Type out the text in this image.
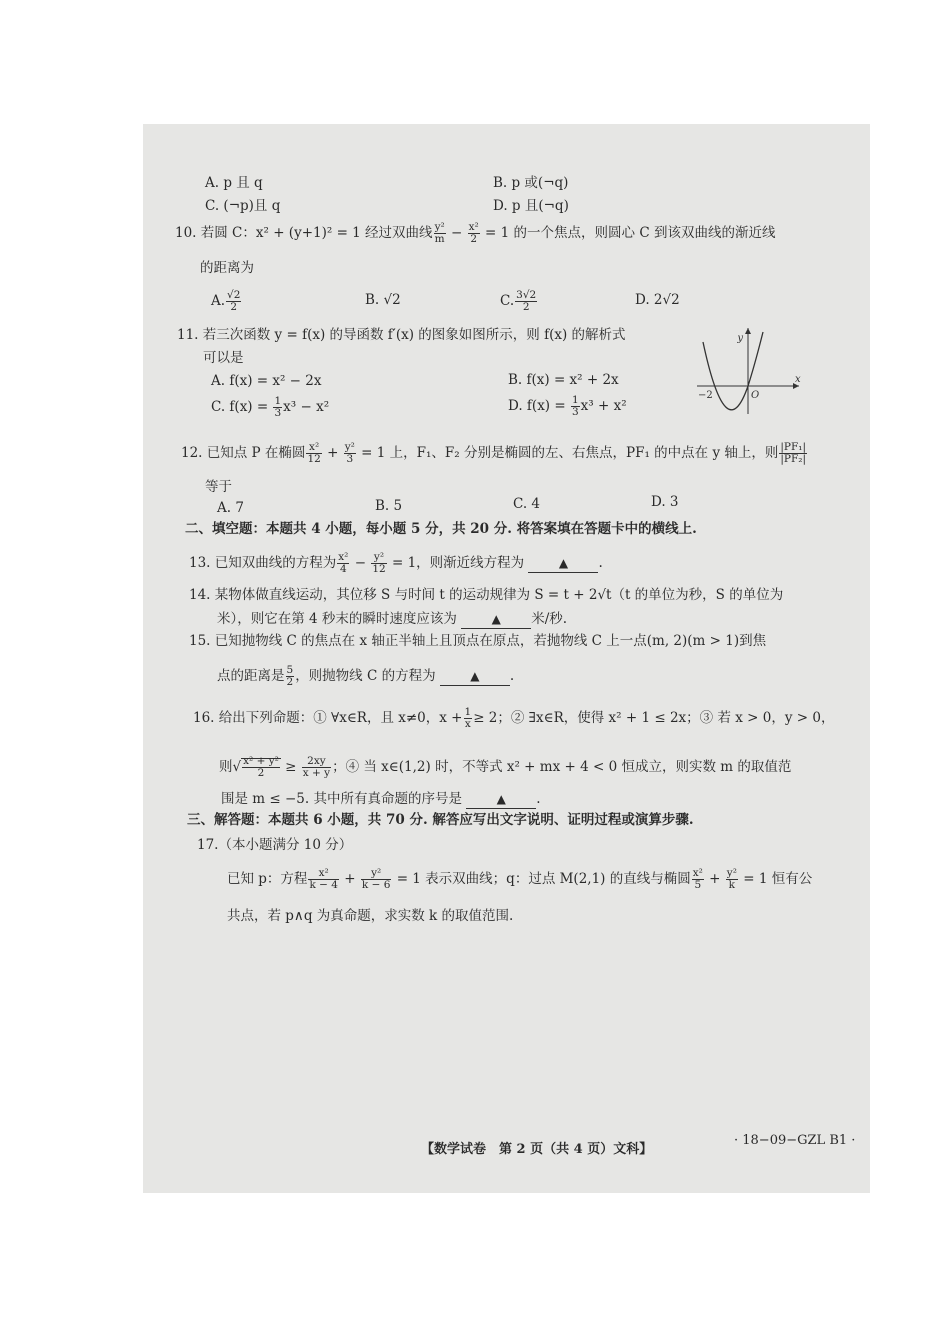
A. p 且 q	B. p 或(¬q)
C. (¬p)且 q	D. p 且(¬q)
10. 若圆 C：x² + (y+1)² = 1 经过双曲线 $\frac{\text{y²}}{m} - \frac{\text{x²}}{2} = 1$ 的一个焦点，则圆心 C 到该双曲线的渐近线
的距离为
A. $\frac{√2}{2}$	B. √2	C. $\frac{3√2}{2}$	D. 2√2
11. 若三次函数 y = f(x) 的导函数 f′(x) 的图象如图所示，则 f(x) 的解析式
可以是
A. f(x) = x² − 2x	B. f(x) = x² + 2x
C. $f(x) = \frac{1}{3} x^3 - x^2$	D. $f(x) = \frac{1}{3} x^3 + x^2$
y
x
O
−2
12. 已知点 P 在椭圆 $\frac{\text{x²}}{12} + \frac{\text{y²}}{3} = 1$ 上，F₁、F₂ 分别是椭圆的左、右焦点，PF₁ 的中点在 y 轴上，则 $\frac{\text{|PF₁|}}{\text{|PF₂|}}$
等于
A. 7	B. 5	C. 4	D. 3
二、填空题：本题共 4 小题，每小题 5 分，共 20 分. 将答案填在答题卡中的横线上.
13. 已知双曲线的方程为 $\frac{\text{x²}}{4} - \frac{\text{y²}}{12} = 1$，则渐近线方程为	▲ .
14. 某物体做直线运动，其位移 S 与时间 t 的运动规律为 S = t + 2√t（t 的单位为秒，S 的单位为
米），则它在第 4 秒末的瞬时速度应该为	▲ 米/秒.
15. 已知抛物线 C 的焦点在 x 轴正半轴上且顶点在原点，若抛物线 C 上一点(m, 2)(m > 1)到焦
点的距离是 $\frac{5}{2}$ ，则抛物线 C 的方程为	▲ .
16. 给出下列命题：① ∀x∈R，且 x≠0，$x + \frac{1}{x} \ge 2$；② ∃x∈R，使得 x² + 1 ≤ 2x；③ 若 x > 0，y > 0，
则√ $\frac{\text{x² + y²}}{2} \ge \frac{2xy}{x + y}$ ；④ 当 x∈(1,2) 时，不等式 x² + mx + 4 < 0 恒成立，则实数 m 的取值范
围是 m ≤ −5. 其中所有真命题的序号是	▲ .
三、解答题：本题共 6 小题，共 70 分. 解答应写出文字说明、证明过程或演算步骤.
17.（本小题满分 10 分）
已知 p：方程 $\frac{\text{x²}}{k - 4} + \frac{\text{y²}}{k - 6} = 1$ 表示双曲线；q：过点 M(2,1) 的直线与椭圆 $\frac{\text{x²}}{5} + \frac{\text{y²}}{k} = 1$ 恒有公
共点，若 p∧q 为真命题，求实数 k 的取值范围.
【数学试卷　第 2 页（共 4 页）文科】
· 18−09−GZL B1 ·
